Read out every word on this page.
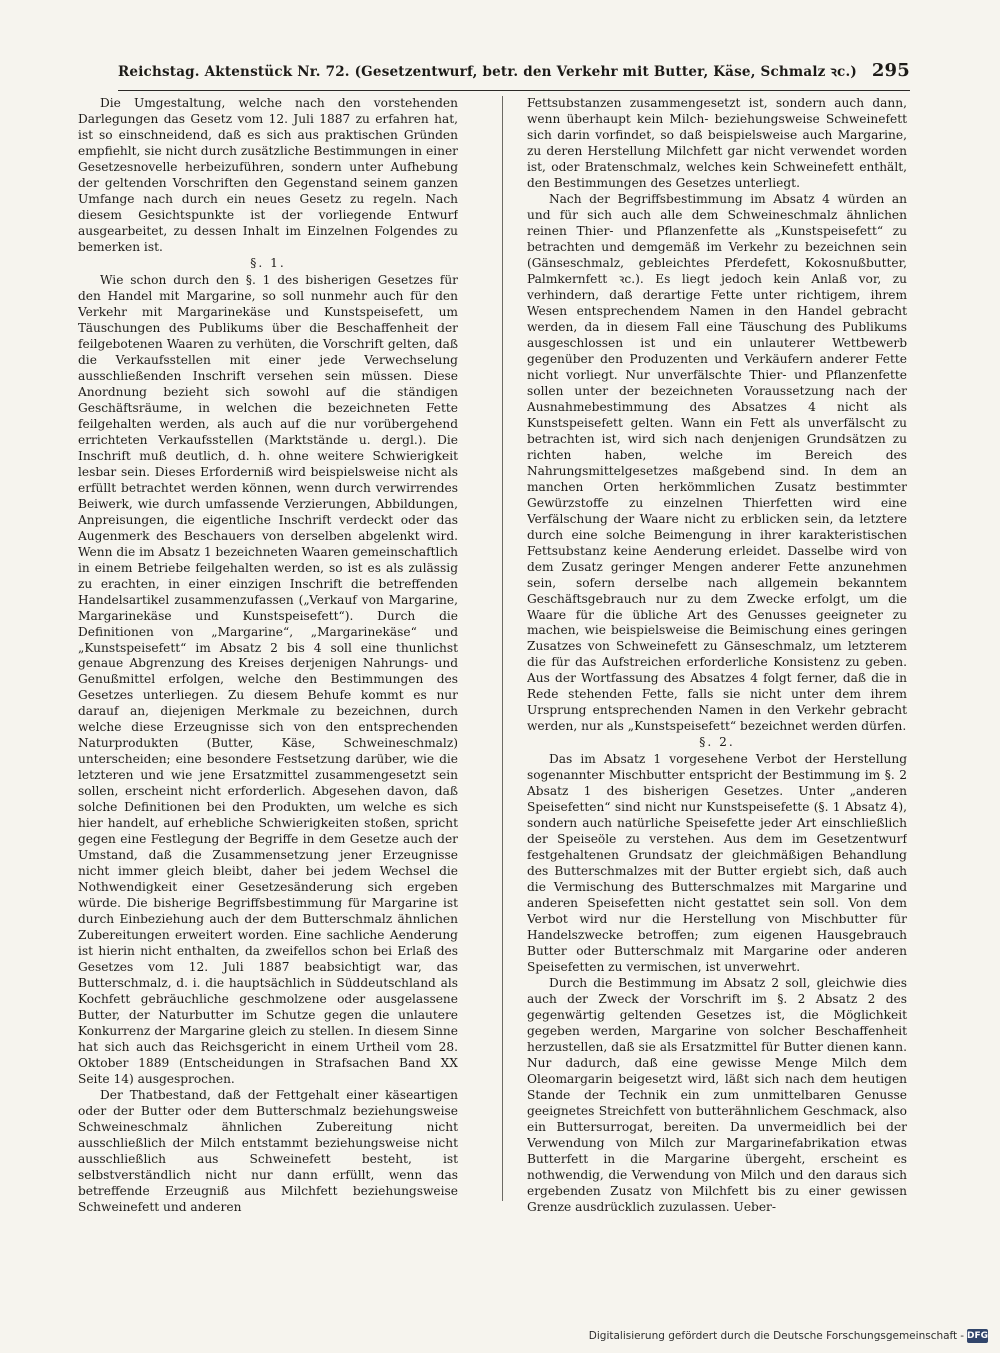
Reichstag. Aktenstück Nr. 72. (Gesetzentwurf, betr. den Verkehr mit Butter, Käse, Schmalz ꝛc.) 295

Die Umgestaltung, welche nach den vorstehenden Darlegungen das Gesetz vom 12. Juli 1887 zu erfahren hat, ist so einschneidend, daß es sich aus praktischen Gründen empfiehlt, sie nicht durch zusätzliche Bestimmungen in einer Gesetzesnovelle herbeizuführen, sondern unter Aufhebung der geltenden Vorschriften den Gegenstand seinem ganzen Umfange nach durch ein neues Gesetz zu regeln. Nach diesem Gesichtspunkte ist der vorliegende Entwurf ausgearbeitet, zu dessen Inhalt im Einzelnen Folgendes zu bemerken ist.

§. 1.

Wie schon durch den §. 1 des bisherigen Gesetzes für den Handel mit Margarine, so soll nunmehr auch für den Verkehr mit Margarinekäse und Kunstspeisefett, um Täuschungen des Publikums über die Beschaffenheit der feilgebotenen Waaren zu verhüten, die Vorschrift gelten, daß die Verkaufsstellen mit einer jede Verwechselung ausschließenden Inschrift versehen sein müssen. Diese Anordnung bezieht sich sowohl auf die ständigen Geschäftsräume, in welchen die bezeichneten Fette feilgehalten werden, als auch auf die nur vorübergehend errichteten Verkaufsstellen (Marktstände u. dergl.). Die Inschrift muß deutlich, d. h. ohne weitere Schwierigkeit lesbar sein. Dieses Erforderniß wird beispielsweise nicht als erfüllt betrachtet werden können, wenn durch verwirrendes Beiwerk, wie durch umfassende Verzierungen, Abbildungen, Anpreisungen, die eigentliche Inschrift verdeckt oder das Augenmerk des Beschauers von derselben abgelenkt wird. Wenn die im Absatz 1 bezeichneten Waaren gemeinschaftlich in einem Betriebe feilgehalten werden, so ist es als zulässig zu erachten, in einer einzigen Inschrift die betreffenden Handelsartikel zusammenzufassen („Verkauf von Margarine, Margarinekäse und Kunstspeisefett“). Durch die Definitionen von „Margarine“, „Margarinekäse“ und „Kunstspeisefett“ im Absatz 2 bis 4 soll eine thunlichst genaue Abgrenzung des Kreises derjenigen Nahrungs- und Genußmittel erfolgen, welche den Bestimmungen des Gesetzes unterliegen. Zu diesem Behufe kommt es nur darauf an, diejenigen Merkmale zu bezeichnen, durch welche diese Erzeugnisse sich von den entsprechenden Naturprodukten (Butter, Käse, Schweineschmalz) unterscheiden; eine besondere Festsetzung darüber, wie die letzteren und wie jene Ersatzmittel zusammengesetzt sein sollen, erscheint nicht erforderlich. Abgesehen davon, daß solche Definitionen bei den Produkten, um welche es sich hier handelt, auf erhebliche Schwierigkeiten stoßen, spricht gegen eine Festlegung der Begriffe in dem Gesetze auch der Umstand, daß die Zusammensetzung jener Erzeugnisse nicht immer gleich bleibt, daher bei jedem Wechsel die Nothwendigkeit einer Gesetzesänderung sich ergeben würde. Die bisherige Begriffsbestimmung für Margarine ist durch Einbeziehung auch der dem Butterschmalz ähnlichen Zubereitungen erweitert worden. Eine sachliche Aenderung ist hierin nicht enthalten, da zweifellos schon bei Erlaß des Gesetzes vom 12. Juli 1887 beabsichtigt war, das Butterschmalz, d. i. die hauptsächlich in Süddeutschland als Kochfett gebräuchliche geschmolzene oder ausgelassene Butter, der Naturbutter im Schutze gegen die unlautere Konkurrenz der Margarine gleich zu stellen. In diesem Sinne hat sich auch das Reichsgericht in einem Urtheil vom 28. Oktober 1889 (Entscheidungen in Strafsachen Band XX Seite 14) ausgesprochen.

Der Thatbestand, daß der Fettgehalt einer käseartigen oder der Butter oder dem Butterschmalz beziehungsweise Schweineschmalz ähnlichen Zubereitung nicht ausschließlich der Milch entstammt beziehungsweise nicht ausschließlich aus Schweinefett besteht, ist selbstverständlich nicht nur dann erfüllt, wenn das betreffende Erzeugniß aus Milchfett beziehungsweise Schweinefett und anderen

Fettsubstanzen zusammengesetzt ist, sondern auch dann, wenn überhaupt kein Milch- beziehungsweise Schweinefett sich darin vorfindet, so daß beispielsweise auch Margarine, zu deren Herstellung Milchfett gar nicht verwendet worden ist, oder Bratenschmalz, welches kein Schweinefett enthält, den Bestimmungen des Gesetzes unterliegt.

Nach der Begriffsbestimmung im Absatz 4 würden an und für sich auch alle dem Schweineschmalz ähnlichen reinen Thier- und Pflanzenfette als „Kunstspeisefett“ zu betrachten und demgemäß im Verkehr zu bezeichnen sein (Gänseschmalz, gebleichtes Pferdefett, Kokosnußbutter, Palmkernfett ꝛc.). Es liegt jedoch kein Anlaß vor, zu verhindern, daß derartige Fette unter richtigem, ihrem Wesen entsprechendem Namen in den Handel gebracht werden, da in diesem Fall eine Täuschung des Publikums ausgeschlossen ist und ein unlauterer Wettbewerb gegenüber den Produzenten und Verkäufern anderer Fette nicht vorliegt. Nur unverfälschte Thier- und Pflanzenfette sollen unter der bezeichneten Voraussetzung nach der Ausnahmebestimmung des Absatzes 4 nicht als Kunstspeisefett gelten. Wann ein Fett als unverfälscht zu betrachten ist, wird sich nach denjenigen Grundsätzen zu richten haben, welche im Bereich des Nahrungsmittelgesetzes maßgebend sind. In dem an manchen Orten herkömmlichen Zusatz bestimmter Gewürzstoffe zu einzelnen Thierfetten wird eine Verfälschung der Waare nicht zu erblicken sein, da letztere durch eine solche Beimengung in ihrer karakteristischen Fettsubstanz keine Aenderung erleidet. Dasselbe wird von dem Zusatz geringer Mengen anderer Fette anzunehmen sein, sofern derselbe nach allgemein bekanntem Geschäftsgebrauch nur zu dem Zwecke erfolgt, um die Waare für die übliche Art des Genusses geeigneter zu machen, wie beispielsweise die Beimischung eines geringen Zusatzes von Schweinefett zu Gänseschmalz, um letzterem die für das Aufstreichen erforderliche Konsistenz zu geben. Aus der Wortfassung des Absatzes 4 folgt ferner, daß die in Rede stehenden Fette, falls sie nicht unter dem ihrem Ursprung entsprechenden Namen in den Verkehr gebracht werden, nur als „Kunstspeisefett“ bezeichnet werden dürfen.

§. 2.

Das im Absatz 1 vorgesehene Verbot der Herstellung sogenannter Mischbutter entspricht der Bestimmung im §. 2 Absatz 1 des bisherigen Gesetzes. Unter „anderen Speisefetten“ sind nicht nur Kunstspeisefette (§. 1 Absatz 4), sondern auch natürliche Speisefette jeder Art einschließlich der Speiseöle zu verstehen. Aus dem im Gesetzentwurf festgehaltenen Grundsatz der gleichmäßigen Behandlung des Butterschmalzes mit der Butter ergiebt sich, daß auch die Vermischung des Butterschmalzes mit Margarine und anderen Speisefetten nicht gestattet sein soll. Von dem Verbot wird nur die Herstellung von Mischbutter für Handelszwecke betroffen; zum eigenen Hausgebrauch Butter oder Butterschmalz mit Margarine oder anderen Speisefetten zu vermischen, ist unverwehrt.

Durch die Bestimmung im Absatz 2 soll, gleichwie dies auch der Zweck der Vorschrift im §. 2 Absatz 2 des gegenwärtig geltenden Gesetzes ist, die Möglichkeit gegeben werden, Margarine von solcher Beschaffenheit herzustellen, daß sie als Ersatzmittel für Butter dienen kann. Nur dadurch, daß eine gewisse Menge Milch dem Oleomargarin beigesetzt wird, läßt sich nach dem heutigen Stande der Technik ein zum unmittelbaren Genusse geeignetes Streichfett von butterähnlichem Geschmack, also ein Buttersurrogat, bereiten. Da unvermeidlich bei der Verwendung von Milch zur Margarinefabrikation etwas Butterfett in die Margarine übergeht, erscheint es nothwendig, die Verwendung von Milch und den daraus sich ergebenden Zusatz von Milchfett bis zu einer gewissen Grenze ausdrücklich zuzulassen. Ueber-

Digitalisierung gefördert durch die Deutsche Forschungsgemeinschaft - DFG
